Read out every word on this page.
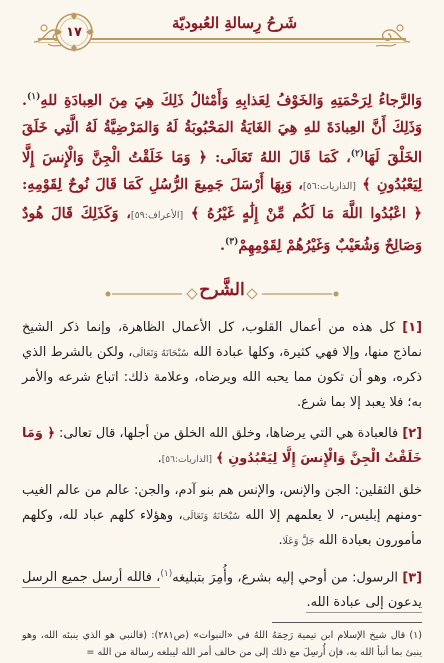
١٧	شَرحُ رِسالةِ العُبوديّة
وَالرَّجاءُ لِرَحْمَتِهِ وَالخَوْفُ لِعَذابِهِ وَأَمْثالُ ذَلِكَ هِيَ مِنَ العِبادَةِ للهِ$^{(١)}$. وَذَلِكَ أَنَّ العِبادَةَ للهِ هِيَ الغَايَةُ المَحْبُوبَةُ لَهُ وَالمَرْضِيَّةُ لَهُ الَّتِي خَلَقَ الخَلْقَ لَهَا$^{(٢)}$، كَمَا قَالَ اللهُ تَعَالَى: ﴿ وَمَا خَلَقْتُ الْجِنَّ وَالْإِنسَ إِلَّا لِيَعْبُدُونِ ﴾ [الذاريات:٥٦]، وَبِهَا أَرْسَلَ جَمِيعَ الرُّسُلِ كَمَا قَالَ نُوحٌ لِقَوْمِهِ: ﴿ اعْبُدُوا اللَّهَ مَا لَكُم مِّنْ إِلَٰهٍ غَيْرُهُ ﴾ [الأعراف:٥٩]، وَكَذَلِكَ قَالَ هُودٌ وَصَالِحٌ وَشُعَيْبٌ وَغَيْرُهُمْ لِقَوْمِهِمْ$^{(٣)}$.
الشَّرح

[١] كل هذه من أعمال القلوب، كل الأعمال الظاهرة، وإنما ذكر الشيخ نماذج منها، وإلا فهي كثيرة، وكلها عبادة الله سُبْحَانَهُ وَتَعَالَى، ولكن بالشرط الذي ذكره، وهو أن تكون مما يحبه الله ويرضاه، وعلامة ذلك: اتباع شرعه والأمر به؛ فلا يعبد إلا بما شرع.

[٢] فالعبادة هي التي يرضاها، وخلق الله الخلق من أجلها، قال تعالى: ﴿ وَمَا خَلَقْتُ الْجِنَّ وَالْإِنسَ إِلَّا لِيَعْبُدُونِ ﴾ [الذاريات:٥٦].

خلق الثقلين: الجن والإنس، والإنس هم بنو آدم، والجن: عالم من عالم الغيب -ومنهم إبليس-، لا يعلمهم إلا الله سُبْحَانَهُ وَتَعَالَى، وهؤلاء كلهم عباد لله، وكلهم مأمورون بعبادة الله جَلَّ وَعَلَا.

[٣] الرسول: من أوحي إليه بشرع، وأُمِرَ بتبليغه$^{(١)}$، فالله أرسل جميع الرسل يدعون إلى عبادة الله.

(١) قال شيخ الإسلام ابن تيمية رَحِمَهُ اللهُ في «النبوات» (ص٢٨١): (فالنبي هو الذي ينبئه الله، وهو ينبئ بما أنبأ الله به، فإن أُرسِلَ مع ذلك إلى من خالف أمر الله ليبلغه رسالة من الله =
